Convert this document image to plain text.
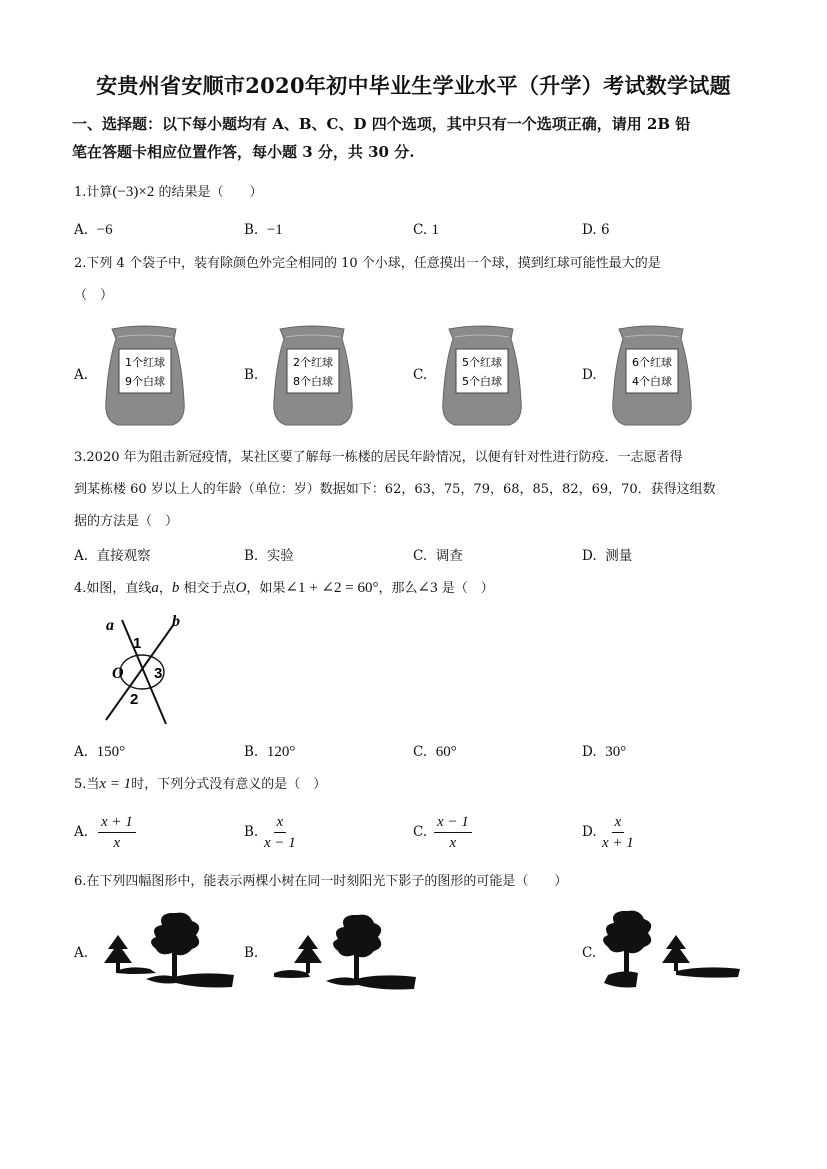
安贵州省安顺市2020年初中毕业生学业水平（升学）考试数学试题
一、选择题：以下每小题均有 A、B、C、D 四个选项，其中只有一个选项正确，请用 2B 铅
笔在答题卡相应位置作答，每小题 3 分，共 30 分.
1.计算(−3)×2 的结果是（　　）
A. −6	B. −1	C. 1	D. 6
2.下列 4 个袋子中，装有除颜色外完全相同的 10 个小球，任意摸出一个球，摸到红球可能性最大的是
（　）
A.
1个红球
9个白球	B.
2个红球
8个白球	C.
5个红球
5个白球	D.
6个红球
4个白球
3.2020 年为阻击新冠疫情，某社区要了解每一栋楼的居民年龄情况，以便有针对性进行防疫．一志愿者得
到某栋楼 60 岁以上人的年龄（单位：岁）数据如下：62，63，75，79，68，85，82，69，70．获得这组数
据的方法是（　）
A. 直接观察	B. 实验	C. 调查	D. 测量
4.如图，直线a，b 相交于点O，如果∠1 + ∠2 = 60°，那么∠3 是（　）
a	b
1
O 3
2
A. 150°	B. 120°	C. 60°	D. 30°
5.当x = 1时，下列分式没有意义的是（　）
A. $\frac{x + 1}{x}$	B. $\frac{x}{x - 1}$	C. $\frac{x - 1}{x}$	D. $\frac{x}{x + 1}$
6.在下列四幅图形中，能表示两棵小树在同一时刻阳光下影子的图形的可能是（　　）
A.	B.	C.
